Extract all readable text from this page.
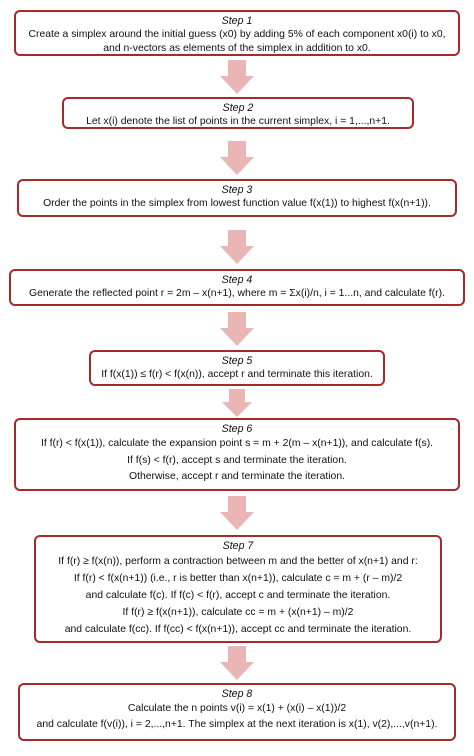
Step 1
Create a simplex around the initial guess (x0) by adding 5% of each component x0(i) to x0,
and n-vectors as elements of the simplex in addition to x0.
Step 2
Let x(i) denote the list of points in the current simplex, i = 1,...,n+1.
Step 3
Order the points in the simplex from lowest function value f(x(1)) to highest f(x(n+1)).
Step 4
Generate the reflected point r = 2m – x(n+1), where m = Σx(i)/n, i = 1...n, and calculate f(r).
Step 5
If f(x(1)) ≤ f(r) < f(x(n)), accept r and terminate this iteration.
Step 6
If f(r) < f(x(1)), calculate the expansion point s = m + 2(m – x(n+1)), and calculate f(s).
If f(s) < f(r), accept s and terminate the iteration.
Otherwise, accept r and terminate the iteration.
Step 7
If f(r) ≥ f(x(n)), perform a contraction between m and the better of x(n+1) and r:
If f(r) < f(x(n+1)) (i.e., r is better than x(n+1)), calculate c = m + (r – m)/2
and calculate f(c). If f(c) < f(r), accept c and terminate the iteration.
If f(r) ≥ f(x(n+1)), calculate cc = m + (x(n+1) – m)/2
and calculate f(cc). If f(cc) < f(x(n+1)), accept cc and terminate the iteration.
Step 8
Calculate the n points v(i) = x(1) + (x(i) – x(1))/2
and calculate f(v(i)), i = 2,...,n+1. The simplex at the next iteration is x(1), v(2),...,v(n+1).
